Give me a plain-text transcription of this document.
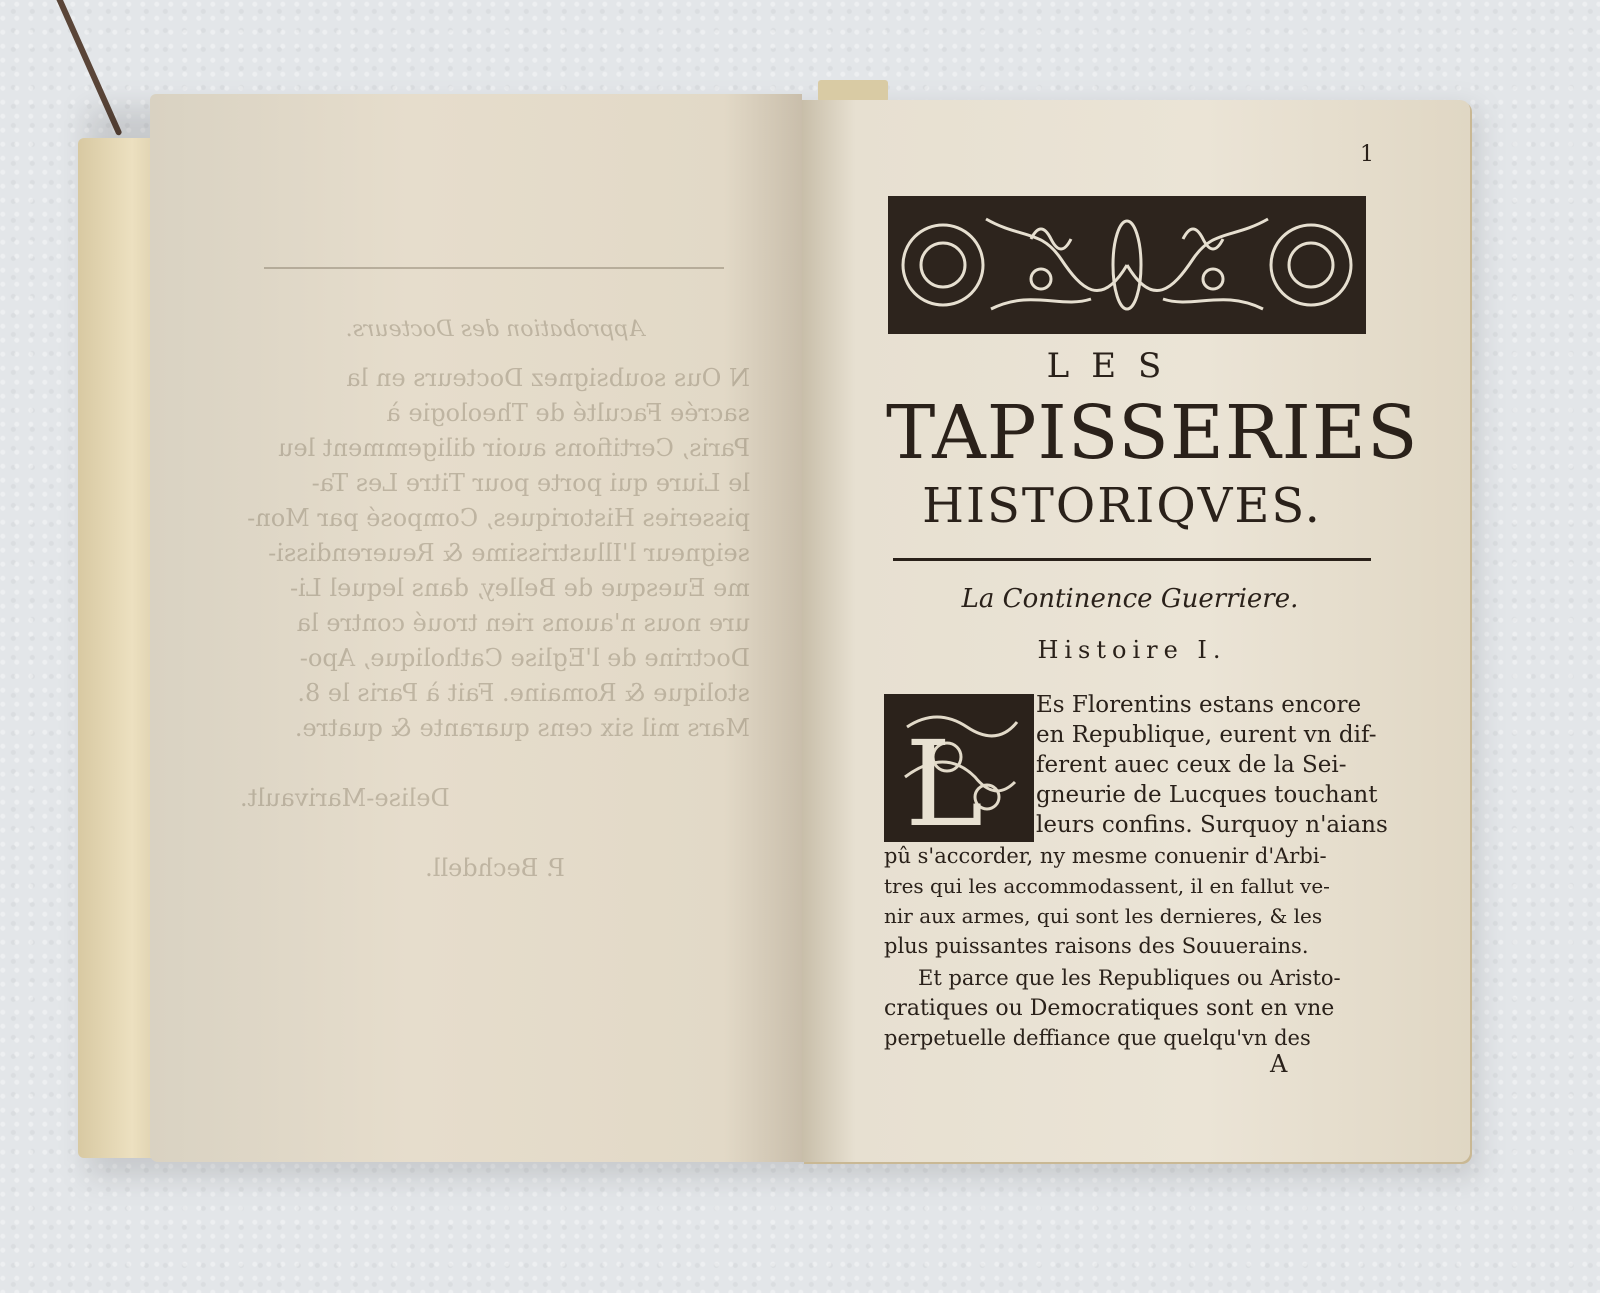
Approbation des Docteurs.
N Ous soubsignez Docteurs en la
sacrée Faculté de Theologie à
Paris, Certifions auoir diligemment leu
le Liure qui porte pour Titre Les Ta-
pisseries Historiques, Composé par Mon-
seigneur l'Illustrissime & Reuerendissi-
me Euesque de Belley, dans lequel Li-
ure nous n'auons rien troué contre la
Doctrine de l'Eglise Catholique, Apo-
stolique & Romaine. Fait à Paris le 8.
Mars mil six cens quarante & quatre.
Delise-Marivault.
P. Bechdell.
1
LES
TAPISSERIES
HISTORIQVES.
La Continence Guerriere.
Histoire I.
L
Es Florentins estans encore
en Republique, eurent vn dif-
ferent auec ceux de la Sei-
gneurie de Lucques touchant
leurs confins. Surquoy n'aians
pû s'accorder, ny mesme conuenir d'Arbi-
tres qui les accommodassent, il en fallut ve-
nir aux armes, qui sont les dernieres, & les
plus puissantes raisons des Souuerains.
Et parce que les Republiques ou Aristo-
cratiques ou Democratiques sont en vne
perpetuelle deffiance que quelqu'vn des
A
